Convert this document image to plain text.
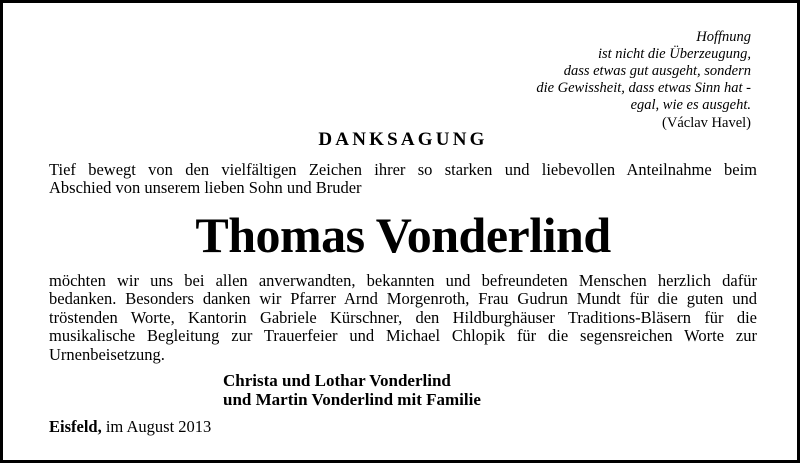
Hoffnung
ist nicht die Überzeugung,
dass etwas gut ausgeht, sondern
die Gewissheit, dass etwas Sinn hat -
egal, wie es ausgeht.
(Václav Havel)
DANKSAGUNG
Tief bewegt von den vielfältigen Zeichen ihrer so starken und liebevollen Anteilnahme beim
Abschied von unserem lieben Sohn und Bruder
Thomas Vonderlind
möchten wir uns bei allen anverwandten, bekannten und befreundeten Menschen herzlich dafür
bedanken. Besonders danken wir Pfarrer Arnd Morgenroth, Frau Gudrun Mundt für die guten und
tröstenden Worte, Kantorin Gabriele Kürschner, den Hildburghäuser Traditions-Bläsern für die
musikalische Begleitung zur Trauerfeier und Michael Chlopik für die segensreichen Worte zur
Urnenbeisetzung.
Christa und Lothar Vonderlind
und Martin Vonderlind mit Familie
Eisfeld, im August 2013
